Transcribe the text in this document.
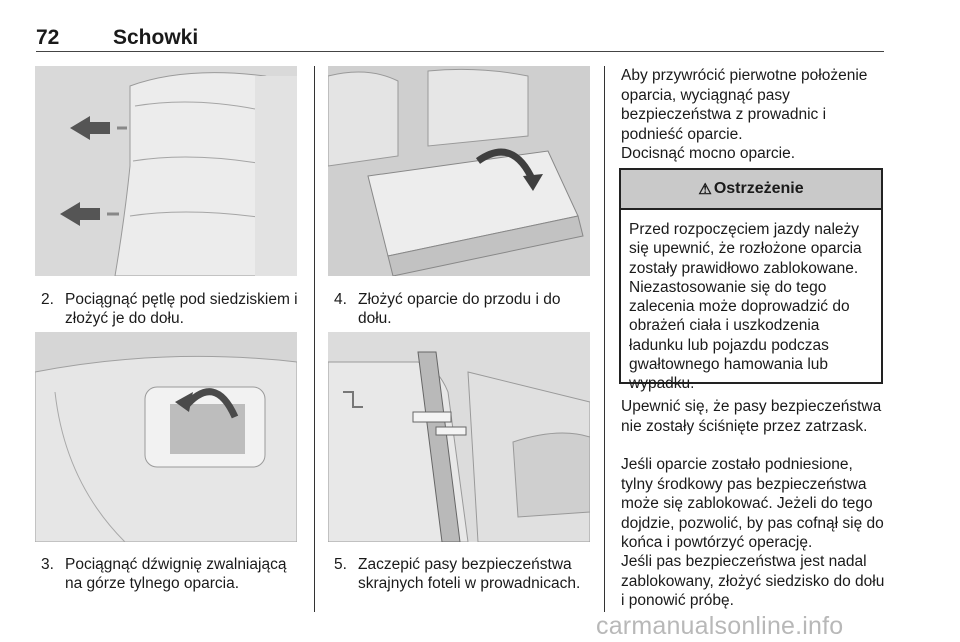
72	Schowki
2. Pociągnąć pętlę pod siedziskiem i złożyć je do dołu.
3. Pociągnąć dźwignię zwalniającą na górze tylnego oparcia.
4. Złożyć oparcie do przodu i do dołu.
5. Zaczepić pasy bezpieczeństwa skrajnych foteli w prowadnicach.
Aby przywrócić pierwotne położenie oparcia, wyciągnąć pasy bezpieczeństwa z prowadnic i podnieść oparcie.
Docisnąć mocno oparcie.
⚠ Ostrzeżenie
Przed rozpoczęciem jazdy należy się upewnić, że rozłożone oparcia zostały prawidłowo zablokowane. Niezastosowanie się do tego zalecenia może doprowadzić do obrażeń ciała i uszkodzenia ładunku lub pojazdu podczas gwałtownego hamowania lub wypadku.
Upewnić się, że pasy bezpieczeństwa nie zostały ściśnięte przez zatrzask.
Jeśli oparcie zostało podniesione, tylny środkowy pas bezpieczeństwa może się zablokować. Jeżeli do tego dojdzie, pozwolić, by pas cofnął się do końca i powtórzyć operację.
Jeśli pas bezpieczeństwa jest nadal zablokowany, złożyć siedzisko do dołu i ponowić próbę.
carmanualsonline.info
